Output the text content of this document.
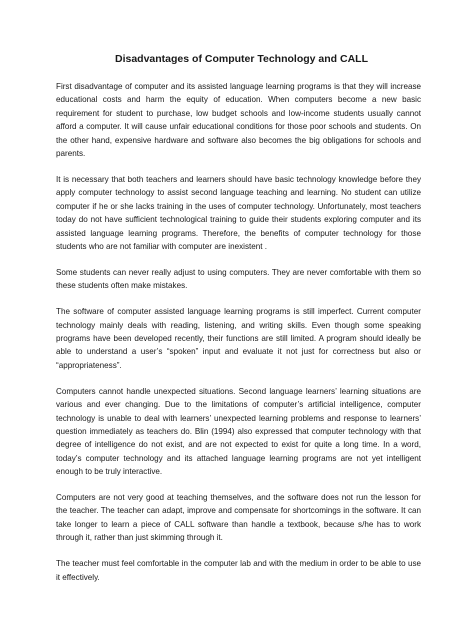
Disadvantages of Computer Technology and CALL
First disadvantage of computer and its assisted language learning programs is that they will increase educational costs and harm the equity of education. When computers become a new basic requirement for student to purchase, low budget schools and low-income students usually cannot afford a computer. It will cause unfair educational conditions for those poor schools and students. On the other hand, expensive hardware and software also becomes the big obligations for schools and parents.
It is necessary that both teachers and learners should have basic technology knowledge before they apply computer technology to assist second language teaching and learning. No student can utilize computer if he or she lacks training in the uses of computer technology. Unfortunately, most teachers today do not have sufficient technological training to guide their students exploring computer and its assisted language learning programs. Therefore, the benefits of computer technology for those students who are not familiar with computer are inexistent .
Some students can never really adjust to using computers. They are never comfortable with them so these students often make mistakes.
The software of computer assisted language learning programs is still imperfect. Current computer technology mainly deals with reading, listening, and writing skills. Even though some speaking programs have been developed recently, their functions are still limited. A program should ideally be able to understand a user’s “spoken” input and evaluate it not just for correctness but also or “appropriateness”.
Computers cannot handle unexpected situations. Second language learners’ learning situations are various and ever changing. Due to the limitations of computer’s artificial intelligence, computer technology is unable to deal with learners’ unexpected learning problems and response to learners’ question immediately as teachers do. Blin (1994) also expressed that computer technology with that degree of intelligence do not exist, and are not expected to exist for quite a long time. In a word, today’s computer technology and its attached language learning programs are not yet intelligent enough to be truly interactive.
Computers are not very good at teaching themselves, and the software does not run the lesson for the teacher. The teacher can adapt, improve and compensate for shortcomings in the software. It can take longer to learn a piece of CALL software than handle a textbook, because s/he has to work through it, rather than just skimming through it.
The teacher must feel comfortable in the computer lab and with the medium in order to be able to use it effectively.
